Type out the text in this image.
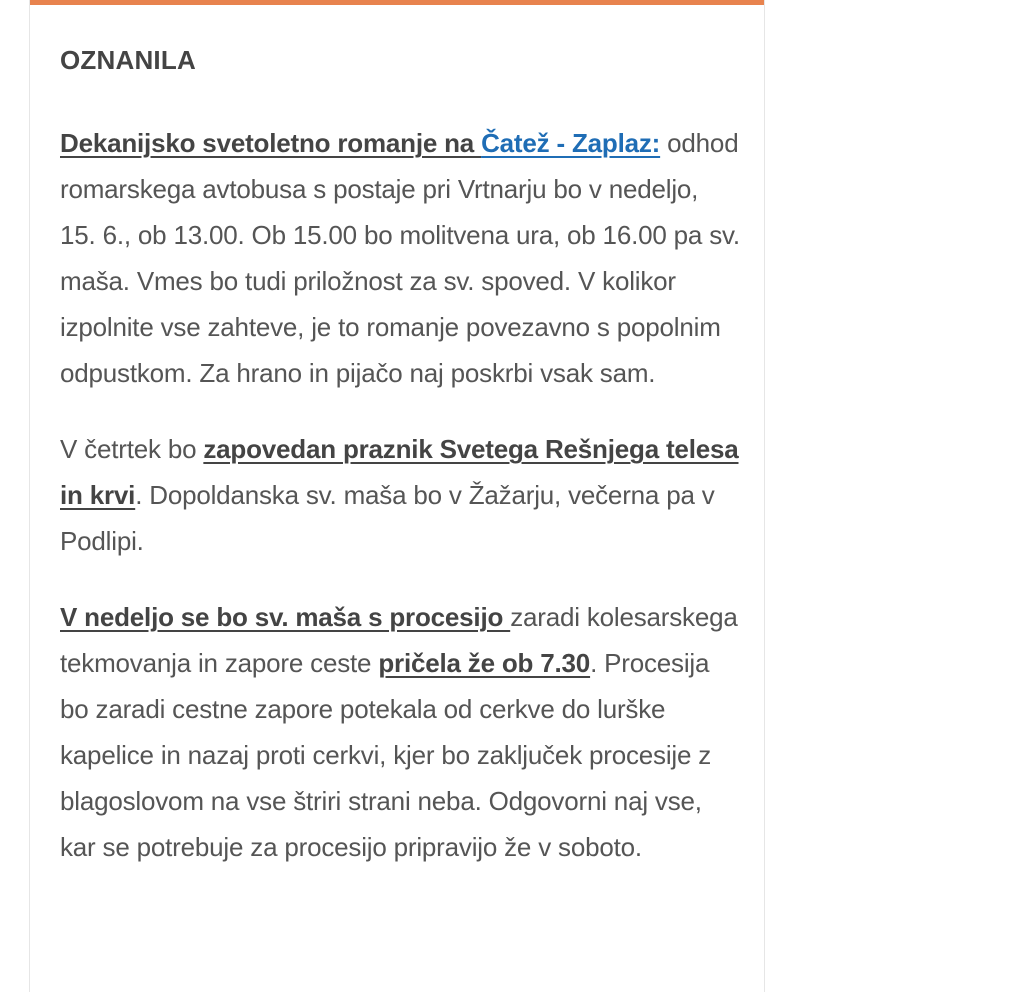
OZNANILA

Dekanijsko svetoletno romanje na Čatež - Zaplaz: odhod romarskega avtobusa s postaje pri Vrtnarju bo v nedeljo, 15. 6., ob 13.00. Ob 15.00 bo molitvena ura, ob 16.00 pa sv. maša. Vmes bo tudi priložnost za sv. spoved. V kolikor izpolnite vse zahteve, je to romanje povezavno s popolnim odpustkom. Za hrano in pijačo naj poskrbi vsak sam.

V četrtek bo zapovedan praznik Svetega Rešnjega telesa in krvi. Dopoldanska sv. maša bo v Žažarju, večerna pa v Podlipi.

V nedeljo se bo sv. maša s procesijo zaradi kolesarskega tekmovanja in zapore ceste pričela že ob 7.30. Procesija bo zaradi cestne zapore potekala od cerkve do lurške kapelice in nazaj proti cerkvi, kjer bo zaključek procesije z blagoslovom na vse štriri strani neba. Odgovorni naj vse, kar se potrebuje za procesijo pripravijo že v soboto.
